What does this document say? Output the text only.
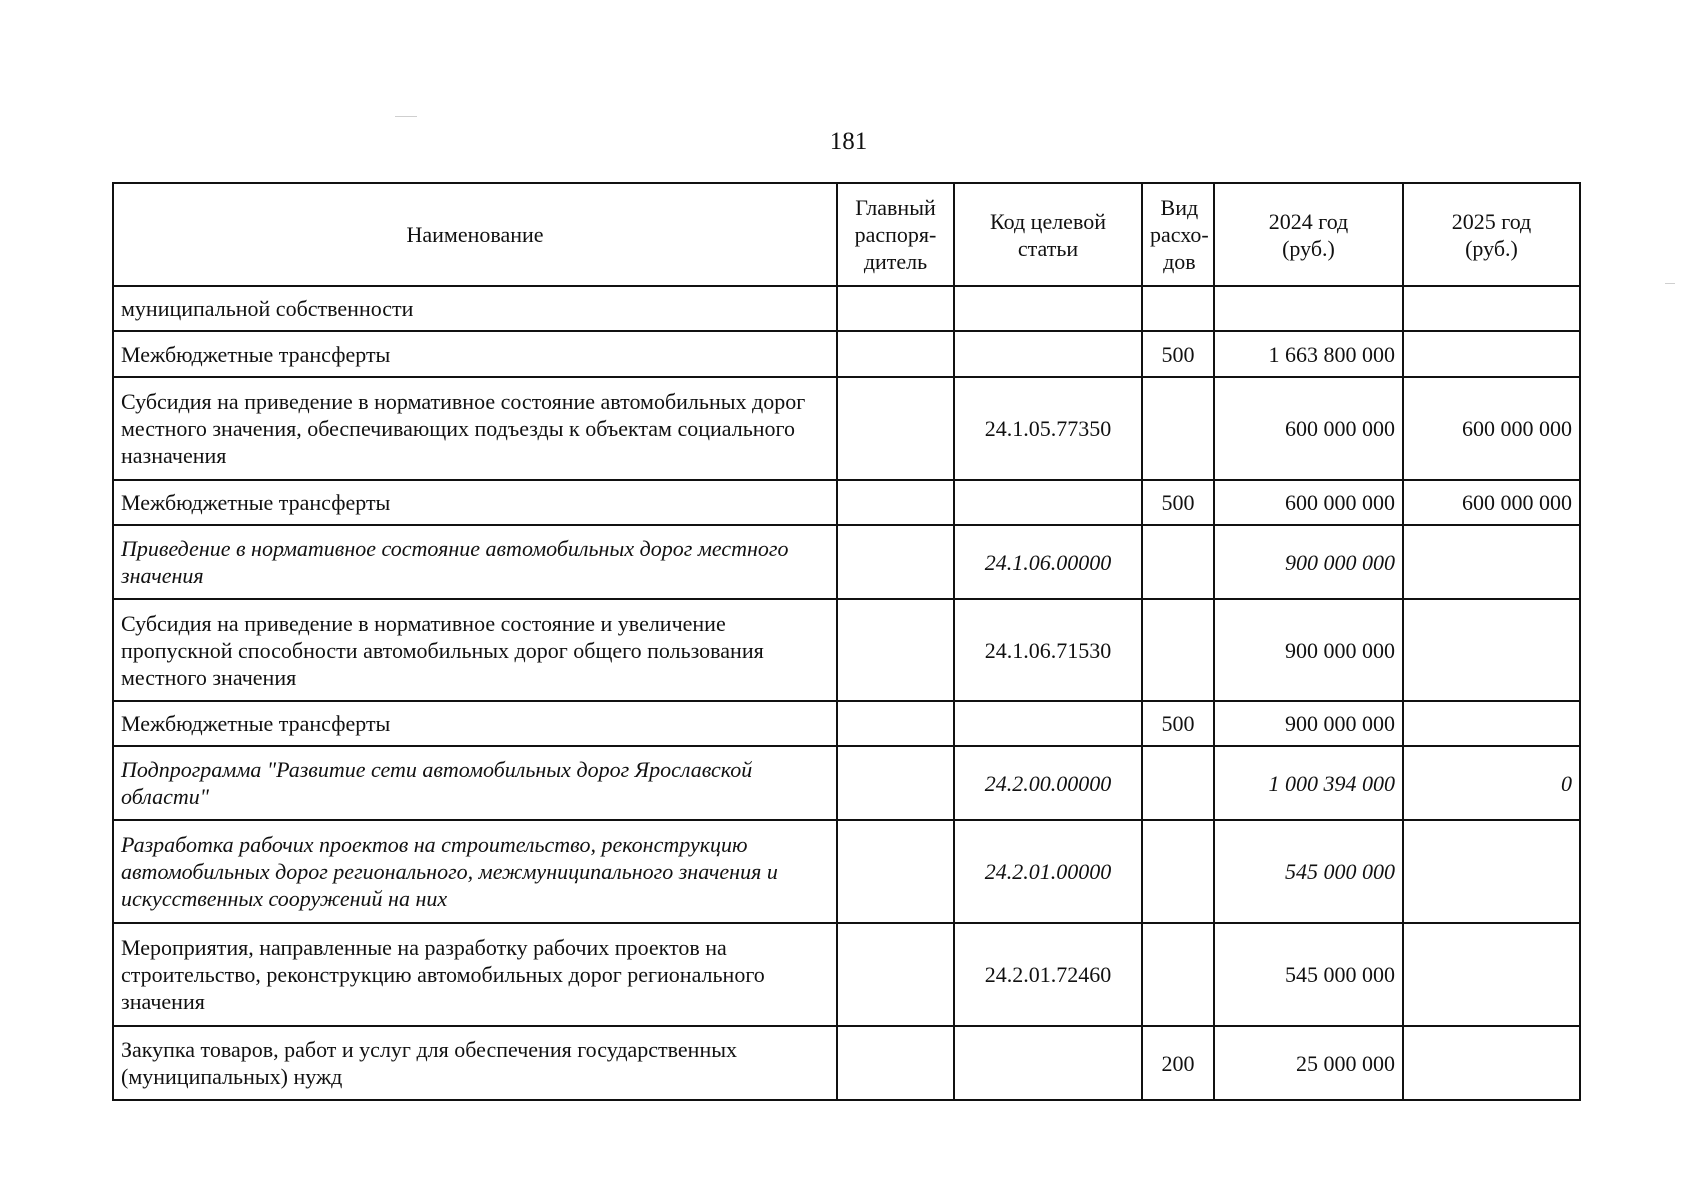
181
Наименование	Главный распоря-дитель	Код целевой статьи	Вид расхо-дов	2024 год (руб.)	2025 год (руб.)
муниципальной собственности					
Межбюджетные трансферты			500	1 663 800 000	
Субсидия на приведение в нормативное состояние автомобильных дорог местного значения, обеспечивающих подъезды к объектам социального назначения		24.1.05.77350		600 000 000	600 000 000
Межбюджетные трансферты			500	600 000 000	600 000 000
Приведение в нормативное состояние автомобильных дорог местного значения		24.1.06.00000		900 000 000	
Субсидия на приведение в нормативное состояние и увеличение пропускной способности автомобильных дорог общего пользования местного значения		24.1.06.71530		900 000 000	
Межбюджетные трансферты			500	900 000 000	
Подпрограмма "Развитие сети автомобильных дорог Ярославской области"		24.2.00.00000		1 000 394 000	0
Разработка рабочих проектов на строительство, реконструкцию автомобильных дорог регионального, межмуниципального значения и искусственных сооружений на них		24.2.01.00000		545 000 000	
Мероприятия, направленные на разработку рабочих проектов на строительство, реконструкцию автомобильных дорог регионального значения		24.2.01.72460		545 000 000	
Закупка товаров, работ и услуг для обеспечения государственных (муниципальных) нужд			200	25 000 000	
